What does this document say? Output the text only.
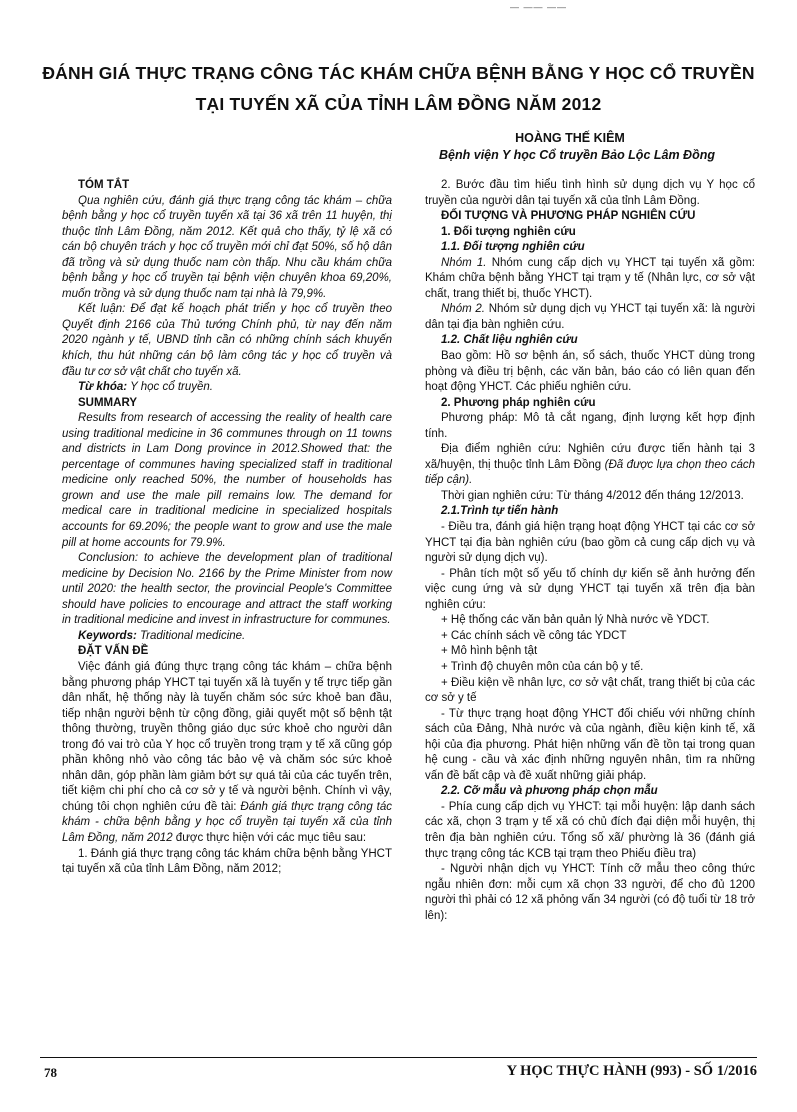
— —— ——
ĐÁNH GIÁ THỰC TRẠNG CÔNG TÁC KHÁM CHỮA BỆNH BẰNG Y HỌC CỔ TRUYỀN
TẠI TUYẾN XÃ CỦA TỈNH LÂM ĐỒNG NĂM 2012
HOÀNG THẾ KIÊM
Bệnh viện Y học Cổ truyền Bảo Lộc Lâm Đồng

TÓM TẮT

Qua nghiên cứu, đánh giá thực trạng công tác khám – chữa bệnh bằng y học cổ truyền tuyến xã tại 36 xã trên 11 huyện, thị thuộc tỉnh Lâm Đồng, năm 2012. Kết quả cho thấy, tỷ lệ xã có cán bộ chuyên trách y học cổ truyền mới chỉ đạt 50%, số hộ dân đã trồng và sử dụng thuốc nam còn thấp. Nhu cầu khám chữa bệnh bằng y học cổ truyền tại bệnh viện chuyên khoa 69,20%, muốn trồng và sử dụng thuốc nam tại nhà là 79,9%.

Kết luận: Để đạt kế hoạch phát triển y học cổ truyền theo Quyết định 2166 của Thủ tướng Chính phủ, từ nay đến năm 2020 ngành y tế, UBND tỉnh cần có những chính sách khuyến khích, thu hút những cán bộ làm công tác y học cổ truyền và đầu tư cơ sở vật chất cho tuyến xã.

Từ khóa: Y học cổ truyền.

SUMMARY

Results from research of accessing the reality of health care using traditional medicine in 36 communes through on 11 towns and districts in Lam Dong province in 2012.Showed that: the percentage of communes having specialized staff in traditional medicine only reached 50%, the number of households has grown and use the male pill remains low. The demand for medical care in traditional medicine in specialized hospitals accounts for 69.20%; the people want to grow and use the male pill at home accounts for 79.9%.

Conclusion: to achieve the development plan of traditional medicine by Decision No. 2166 by the Prime Minister from now until 2020: the health sector, the provincial People's Committee should have policies to encourage and attract the staff working in traditional medicine and invest in infrastructure for communes.

Keywords: Traditional medicine.

ĐẶT VẤN ĐỀ

Việc đánh giá đúng thực trạng công tác khám – chữa bệnh bằng phương pháp YHCT tại tuyến xã là tuyến y tế trực tiếp gần dân nhất, hệ thống này là tuyến chăm sóc sức khoẻ ban đầu, tiếp nhận người bệnh từ cộng đồng, giải quyết một số bệnh tật thông thường, truyền thông giáo dục sức khoẻ cho người dân trong đó vai trò của Y học cổ truyền trong trạm y tế xã cũng góp phần không nhỏ vào công tác bảo vệ và chăm sóc sức khoẻ nhân dân, góp phần làm giảm bớt sự quá tải của các tuyến trên, tiết kiệm chi phí cho cả cơ sở y tế và người bệnh. Chính vì vậy, chúng tôi chọn nghiên cứu đề tài: Đánh giá thực trạng công tác khám - chữa bệnh bằng y học cổ truyền tại tuyến xã của tỉnh Lâm Đồng, năm 2012 được thực hiện với các mục tiêu sau:

1. Đánh giá thực trạng công tác khám chữa bệnh bằng YHCT tại tuyến xã của tỉnh Lâm Đồng, năm 2012;

2. Bước đầu tìm hiểu tình hình sử dụng dịch vụ Y học cổ truyền của người dân tại tuyến xã của tỉnh Lâm Đồng.

ĐỐI TƯỢNG VÀ PHƯƠNG PHÁP NGHIÊN CỨU

1. Đối tượng nghiên cứu

1.1. Đối tượng nghiên cứu

Nhóm 1. Nhóm cung cấp dịch vụ YHCT tại tuyến xã gồm: Khám chữa bệnh bằng YHCT tại trạm y tế (Nhân lực, cơ sở vật chất, trang thiết bị, thuốc YHCT).

Nhóm 2. Nhóm sử dụng dịch vụ YHCT tại tuyến xã: là người dân tại địa bàn nghiên cứu.

1.2. Chất liệu nghiên cứu

Bao gồm: Hồ sơ bệnh án, sổ sách, thuốc YHCT dùng trong phòng và điều trị bệnh, các văn bản, báo cáo có liên quan đến hoạt động YHCT. Các phiếu nghiên cứu.

2. Phương pháp nghiên cứu

Phương pháp: Mô tả cắt ngang, định lượng kết hợp định tính.

Địa điểm nghiên cứu: Nghiên cứu được tiến hành tại 3 xã/huyện, thị thuộc tỉnh Lâm Đồng (Đã được lựa chọn theo cách tiếp cận).

Thời gian nghiên cứu: Từ tháng 4/2012 đến tháng 12/2013.

2.1.Trình tự tiến hành

- Điều tra, đánh giá hiện trạng hoạt động YHCT tại các cơ sở YHCT tại địa bàn nghiên cứu (bao gồm cả cung cấp dịch vụ và người sử dụng dịch vụ).

- Phân tích một số yếu tố chính dự kiến sẽ ảnh hưởng đến việc cung ứng và sử dụng YHCT tại tuyến xã trên địa bàn nghiên cứu:

+ Hệ thống các văn bản quản lý Nhà nước về YDCT.

+ Các chính sách về công tác YDCT

+ Mô hình bệnh tật

+ Trình độ chuyên môn của cán bộ y tế.

+ Điều kiện về nhân lực, cơ sở vật chất, trang thiết bị của các cơ sở y tế

- Từ thực trạng hoạt động YHCT đối chiếu với những chính sách của Đảng, Nhà nước và của ngành, điều kiện kinh tế, xã hội của địa phương. Phát hiện những vấn đề tồn tại trong quan hệ cung - cầu và xác định những nguyên nhân, tìm ra những vấn đề bất cập và đề xuất những giải pháp.

2.2. Cỡ mẫu và phương pháp chọn mẫu

- Phía cung cấp dịch vụ YHCT: tại mỗi huyện: lập danh sách các xã, chọn 3 trạm y tế xã có chủ đích đại diện mỗi huyện, thị trên địa bàn nghiên cứu. Tổng số xã/ phường là 36 (đánh giá thực trạng công tác KCB tại trạm theo Phiếu điều tra)

- Người nhận dịch vụ YHCT: Tính cỡ mẫu theo công thức ngẫu nhiên đơn: mỗi cụm xã chọn 33 người, để cho đủ 1200 người thì phải có 12 xã phỏng vấn 34 người (có độ tuổi từ 18 trở lên):

78	Y HỌC THỰC HÀNH (993) - SỐ 1/2016
